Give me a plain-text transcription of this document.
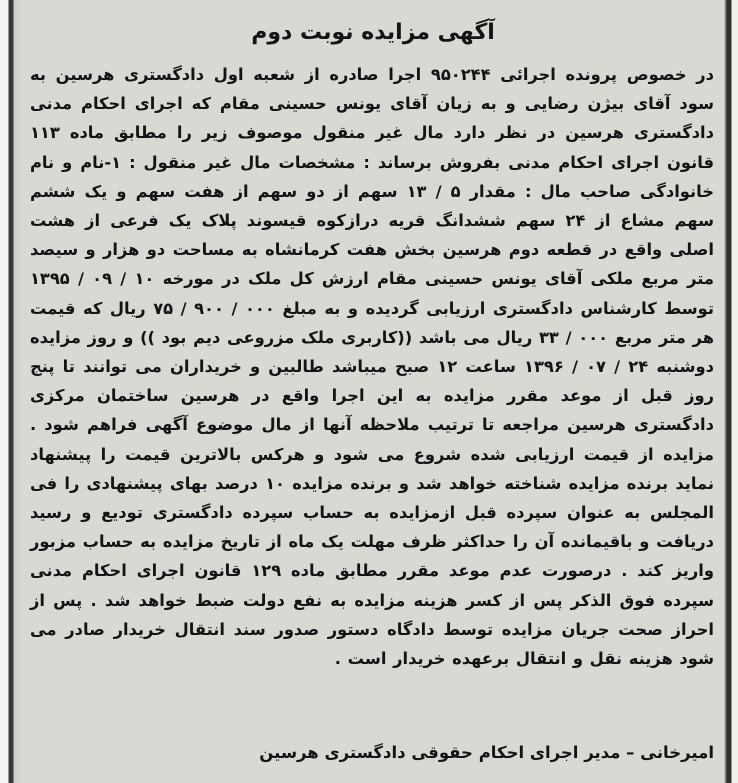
آگهی مزایده نوبت دوم

در خصوص پرونده اجرائی ۹۵۰۲۴۴ اجرا صادره از شعبه اول دادگستری هرسین به سود آقای بیژن رضایی و به زیان آقای یونس حسینی مقام که اجرای احکام مدنی دادگستری هرسین در نظر دارد مال غیر منقول موصوف زیر را مطابق ماده ۱۱۳ قانون اجرای احکام مدنی بفروش برساند : مشخصات مال غیر منقول : ۱-نام و نام خانوادگی صاحب مال : مقدار ۵ / ۱۳ سهم از دو سهم از هفت سهم و یک ششم سهم مشاع از ۲۴ سهم ششدانگ قریه درازکوه قیسوند پلاک یک فرعی از هشت اصلی واقع در قطعه دوم هرسین بخش هفت کرمانشاه به مساحت دو هزار و سیصد متر مربع ملکی آقای یونس حسینی مقام ارزش کل ملک در مورخه ۱۰ / ۰۹ / ۱۳۹۵ توسط کارشناس دادگستری ارزیابی گردیده و به مبلغ ۰۰۰ / ۹۰۰ / ۷۵ ریال که قیمت هر متر مربع ۰۰۰ / ۳۳ ریال می باشد ((کاربری ملک مزروعی دیم بود )) و روز مزایده دوشنبه ۲۴ / ۰۷ / ۱۳۹۶ ساعت ۱۲ صبح میباشد طالبین و خریداران می توانند تا پنج روز قبل از موعد مقرر مزایده به این اجرا واقع در هرسین ساختمان مرکزی دادگستری هرسین مراجعه تا ترتیب ملاحظه آنها از مال موضوع آگهی فراهم شود . مزایده از قیمت ارزیابی شده شروع می شود و هرکس بالاترین قیمت را پیشنهاد نماید برنده مزایده شناخته خواهد شد و برنده مزایده ۱۰ درصد بهای پیشنهادی را فی المجلس به عنوان سپرده قبل ازمزایده به حساب سپرده دادگستری تودیع و رسید دریافت و باقیمانده آن را حداکثر ظرف مهلت یک ماه از تاریخ مزایده به حساب مزبور واریز کند . درصورت عدم موعد مقرر مطابق ماده ۱۲۹ قانون اجرای احکام مدنی سپرده فوق الذکر پس از کسر هزینه مزایده به نفع دولت ضبط خواهد شد . پس از احراز صحت جریان مزایده توسط دادگاه دستور صدور سند انتقال خریدار صادر می شود هزینه نقل و انتقال برعهده خریدار است .

امیرخانی – مدیر اجرای احکام حقوقی دادگستری هرسین
